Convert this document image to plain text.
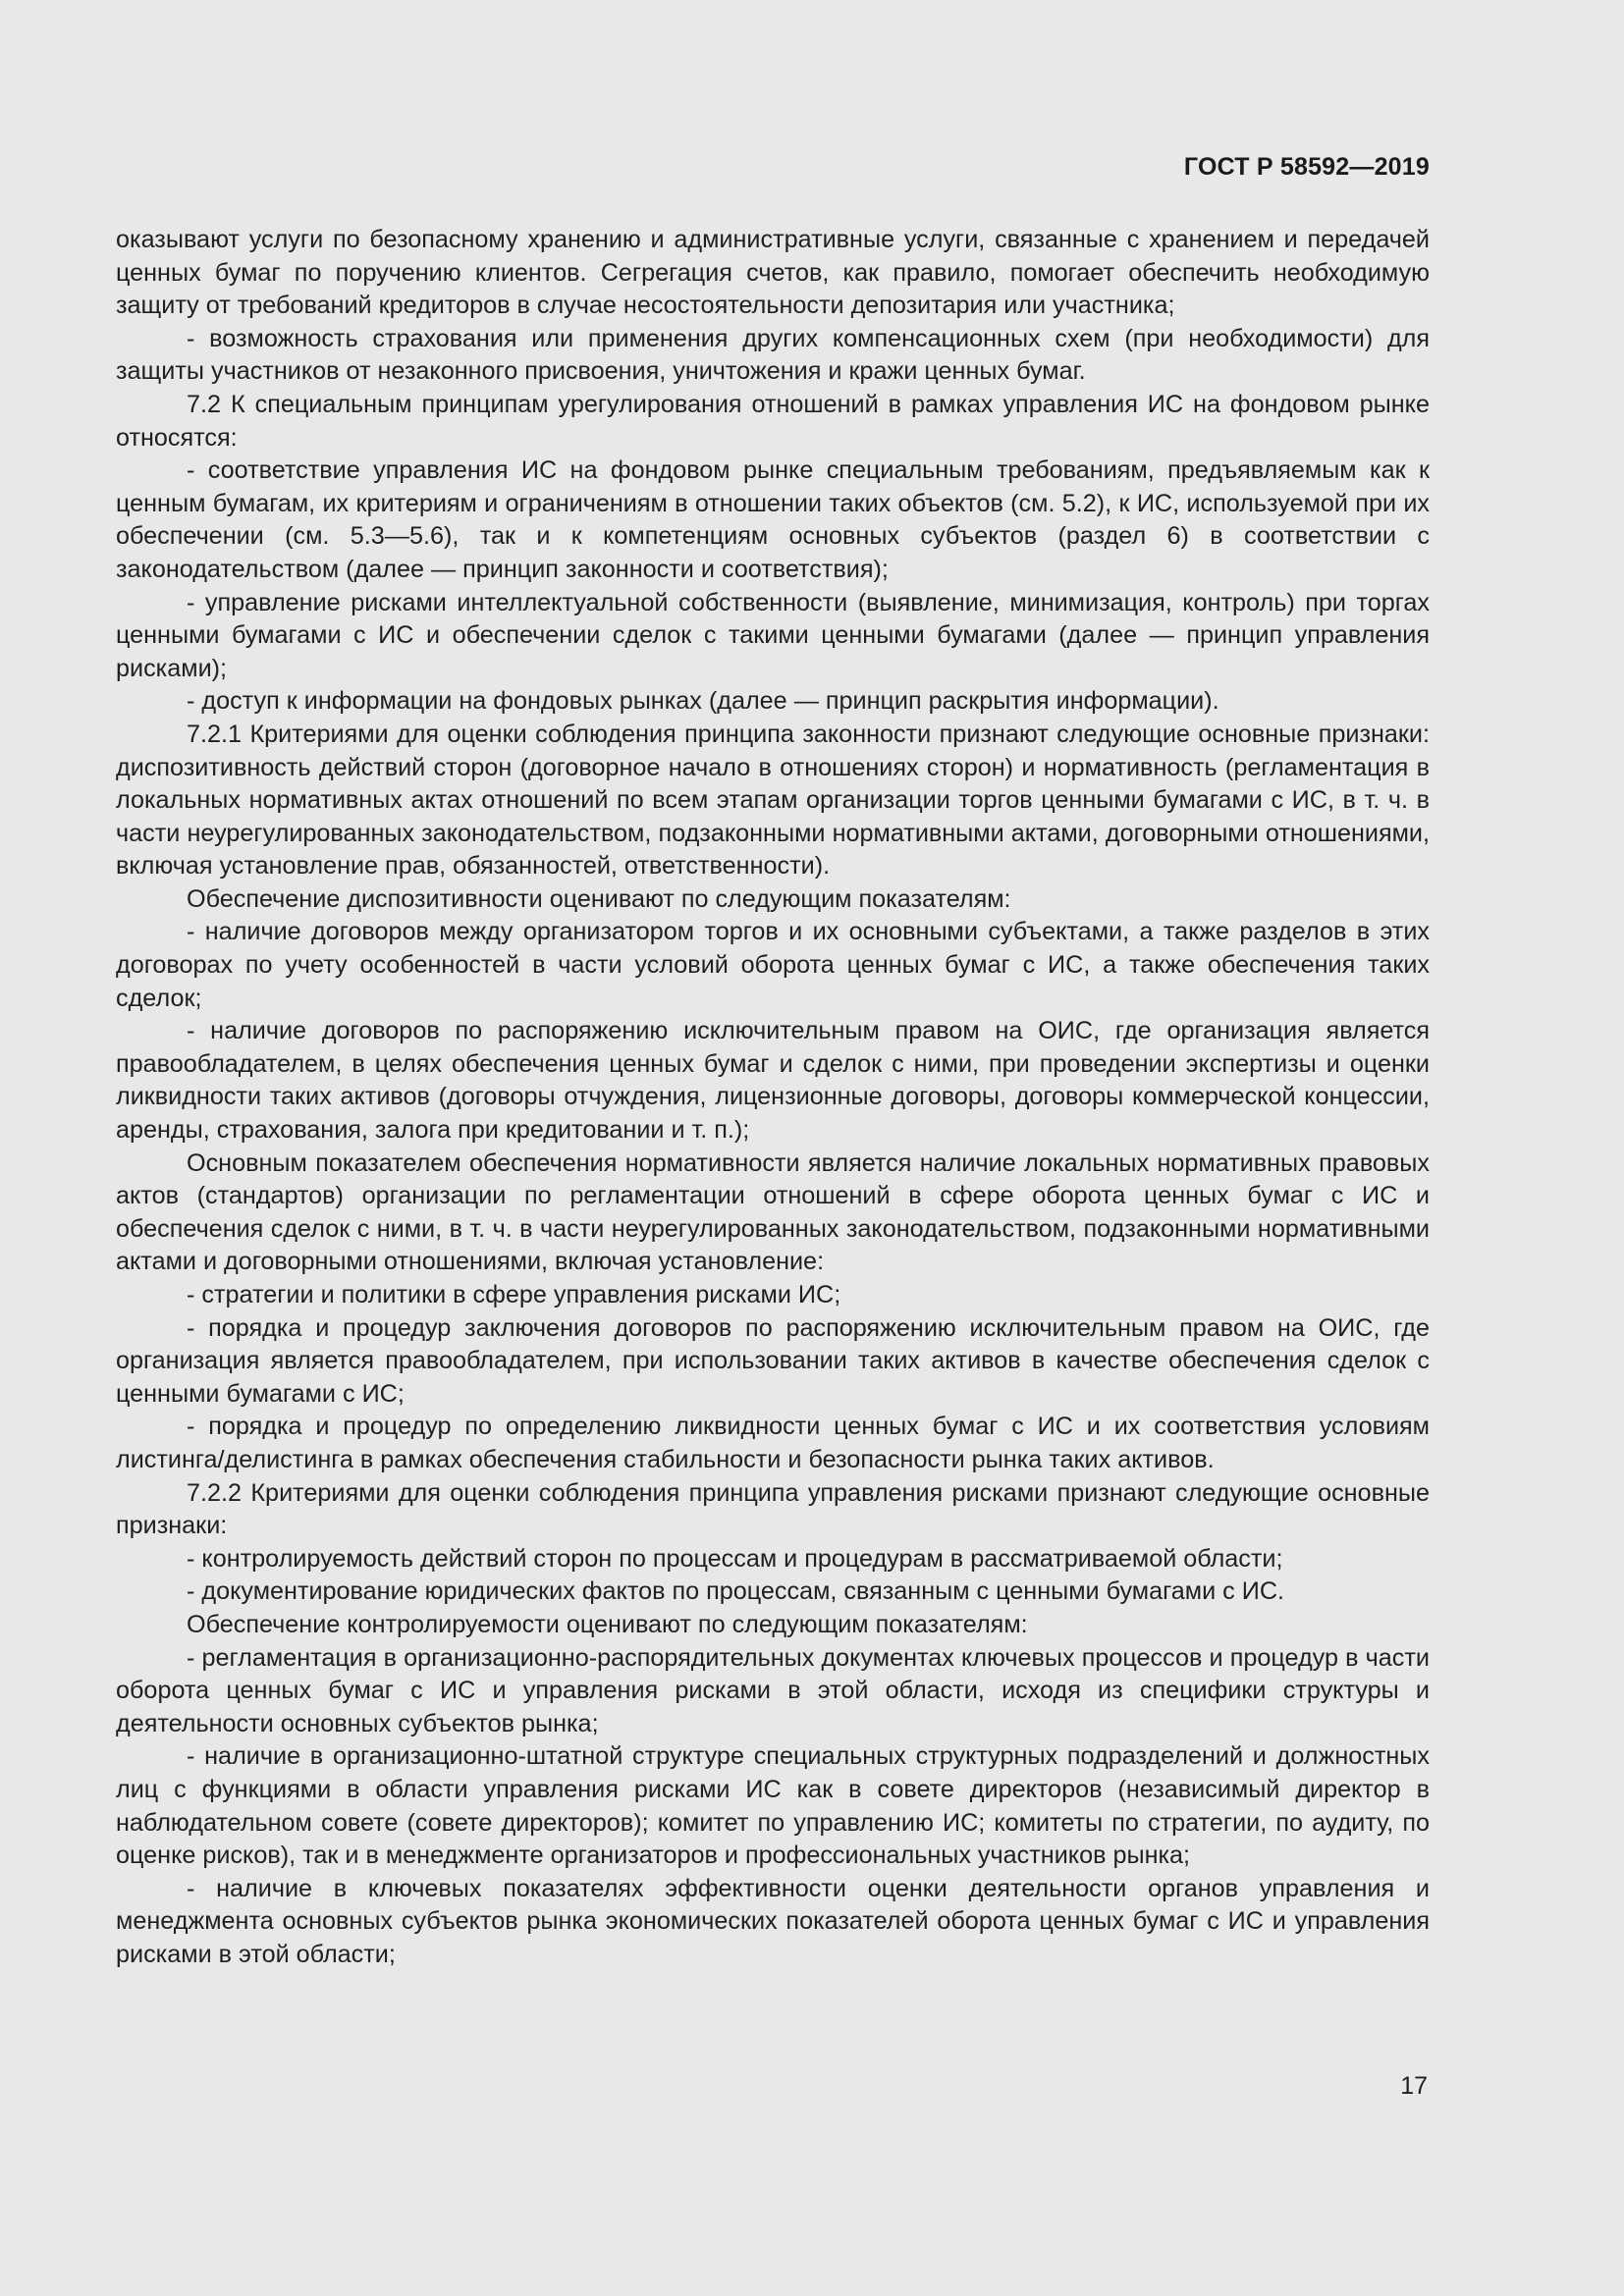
ГОСТ Р 58592—2019

оказывают услуги по безопасному хранению и административные услуги, связанные с хранением и передачей ценных бумаг по поручению клиентов. Сегрегация счетов, как правило, помогает обеспечить необходимую защиту от требований кредиторов в случае несостоятельности депозитария или участника;

- возможность страхования или применения других компенсационных схем (при необходимости) для защиты участников от незаконного присвоения, уничтожения и кражи ценных бумаг.

7.2 К специальным принципам урегулирования отношений в рамках управления ИС на фондовом рынке относятся:

- соответствие управления ИС на фондовом рынке специальным требованиям, предъявляемым как к ценным бумагам, их критериям и ограничениям в отношении таких объектов (см. 5.2), к ИС, используемой при их обеспечении (см. 5.3—5.6), так и к компетенциям основных субъектов (раздел 6) в соответствии с законодательством (далее — принцип законности и соответствия);

- управление рисками интеллектуальной собственности (выявление, минимизация, контроль) при торгах ценными бумагами с ИС и обеспечении сделок с такими ценными бумагами (далее — принцип управления рисками);

- доступ к информации на фондовых рынках (далее — принцип раскрытия информации).

7.2.1 Критериями для оценки соблюдения принципа законности признают следующие основные признаки: диспозитивность действий сторон (договорное начало в отношениях сторон) и нормативность (регламентация в локальных нормативных актах отношений по всем этапам организации торгов ценными бумагами с ИС, в т. ч. в части неурегулированных законодательством, подзаконными нормативными актами, договорными отношениями, включая установление прав, обязанностей, ответственности).

Обеспечение диспозитивности оценивают по следующим показателям:

- наличие договоров между организатором торгов и их основными субъектами, а также разделов в этих договорах по учету особенностей в части условий оборота ценных бумаг с ИС, а также обеспечения таких сделок;

- наличие договоров по распоряжению исключительным правом на ОИС, где организация является правообладателем, в целях обеспечения ценных бумаг и сделок с ними, при проведении экспертизы и оценки ликвидности таких активов (договоры отчуждения, лицензионные договоры, договоры коммерческой концессии, аренды, страхования, залога при кредитовании и т. п.);

Основным показателем обеспечения нормативности является наличие локальных нормативных правовых актов (стандартов) организации по регламентации отношений в сфере оборота ценных бумаг с ИС и обеспечения сделок с ними, в т. ч. в части неурегулированных законодательством, подзаконными нормативными актами и договорными отношениями, включая установление:

- стратегии и политики в сфере управления рисками ИС;

- порядка и процедур заключения договоров по распоряжению исключительным правом на ОИС, где организация является правообладателем, при использовании таких активов в качестве обеспечения сделок с ценными бумагами с ИС;

- порядка и процедур по определению ликвидности ценных бумаг с ИС и их соответствия условиям листинга/делистинга в рамках обеспечения стабильности и безопасности рынка таких активов.

7.2.2 Критериями для оценки соблюдения принципа управления рисками признают следующие основные признаки:

- контролируемость действий сторон по процессам и процедурам в рассматриваемой области;

- документирование юридических фактов по процессам, связанным с ценными бумагами с ИС.

Обеспечение контролируемости оценивают по следующим показателям:

- регламентация в организационно-распорядительных документах ключевых процессов и процедур в части оборота ценных бумаг с ИС и управления рисками в этой области, исходя из специфики структуры и деятельности основных субъектов рынка;

- наличие в организационно-штатной структуре специальных структурных подразделений и должностных лиц с функциями в области управления рисками ИС как в совете директоров (независимый директор в наблюдательном совете (совете директоров); комитет по управлению ИС; комитеты по стратегии, по аудиту, по оценке рисков), так и в менеджменте организаторов и профессиональных участников рынка;

- наличие в ключевых показателях эффективности оценки деятельности органов управления и менеджмента основных субъектов рынка экономических показателей оборота ценных бумаг с ИС и управления рисками в этой области;

17
